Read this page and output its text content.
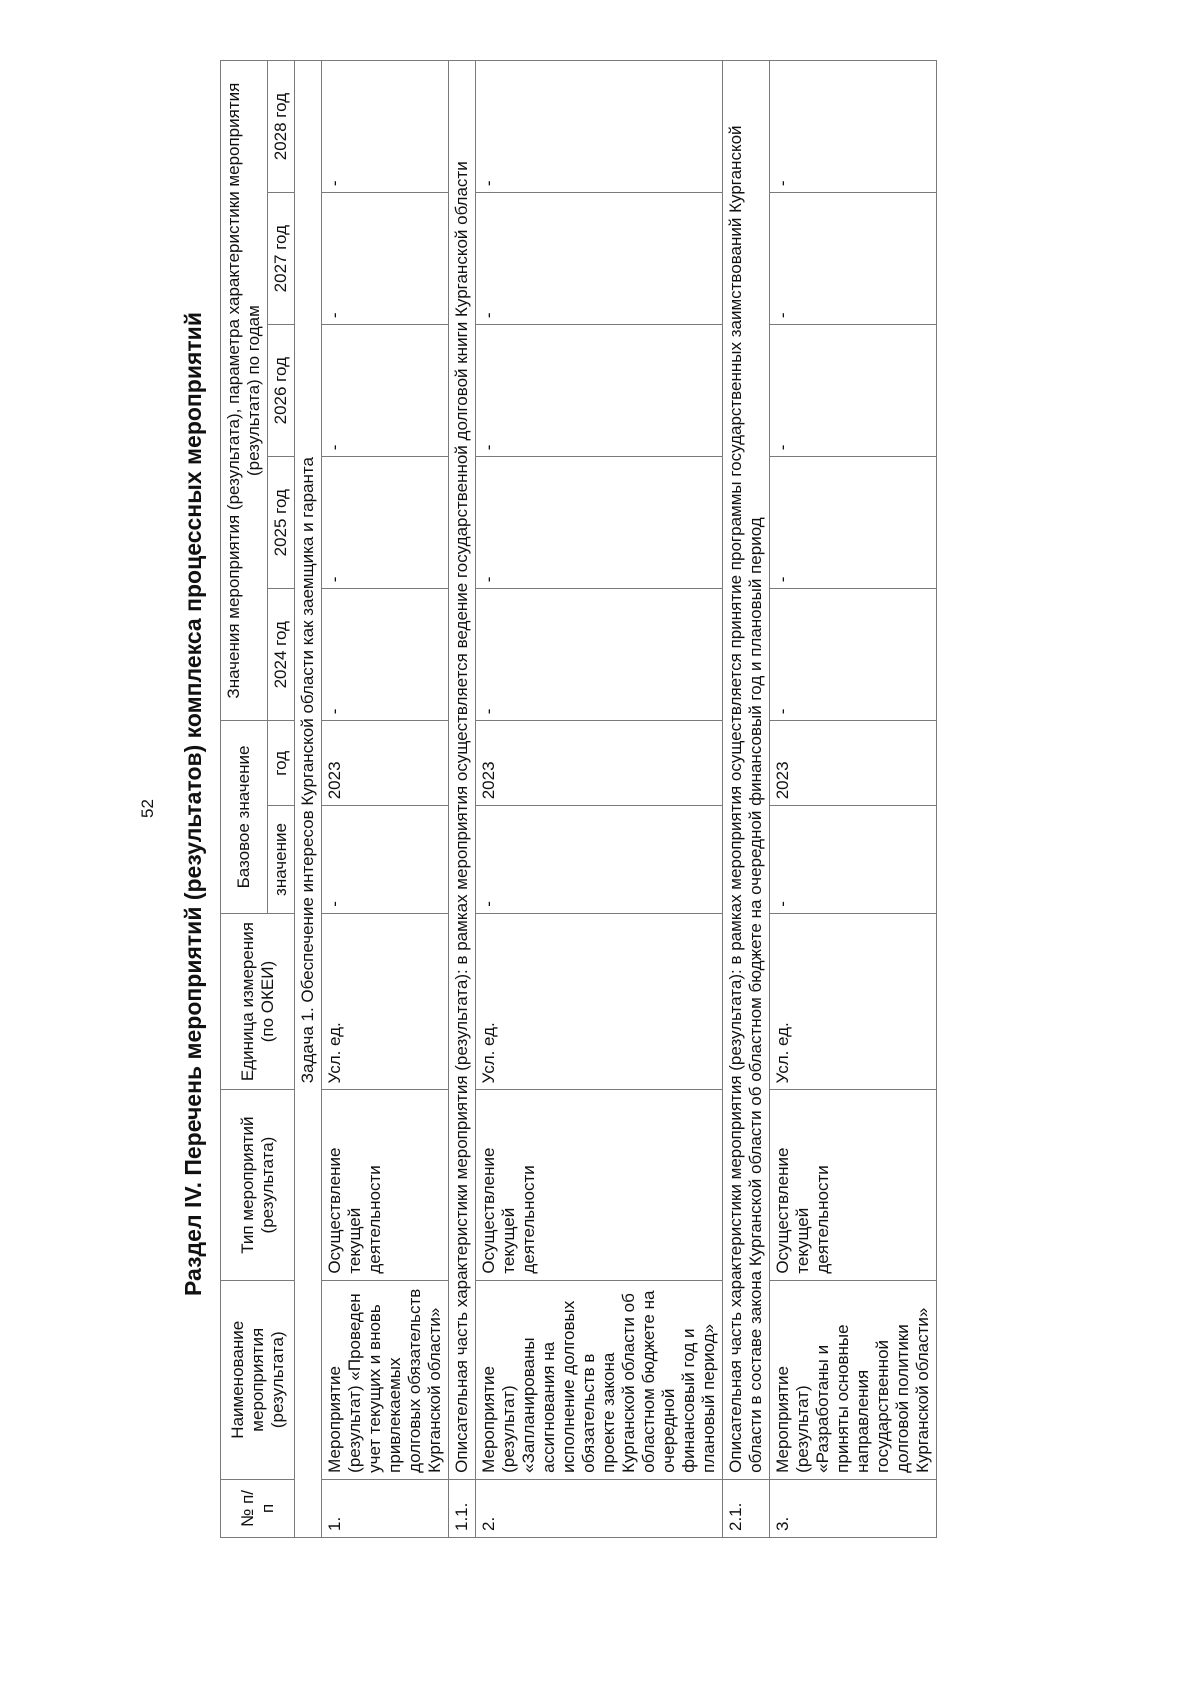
52 Раздел IV. Перечень мероприятий (результатов) комплекса процессных мероприятий
№ п/п	Наименование мероприятия (результата)	Тип мероприятий (результата)	Единица измерения (по ОКЕИ)	Базовое значение		Значения мероприятия (результата), параметра характеристики мероприятия (результата) по годам				
				значение	год	2024 год	2025 год	2026 год	2027 год	2028 год
	Задача 1. Обеспечение интересов Курганской области как заемщика и гаранта									
1.	Мероприятие (результат) «Проведен учет текущих и вновь привлекаемых долговых обязательств Курганской области»	Осуществление текущей деятельности	Усл. ед.	-	2023	-	-	-	-	-
1.1.	Описательная часть характеристики мероприятия (результата): в рамках мероприятия осуществляется ведение государственной долговой книги Курганской области									
2.	Мероприятие (результат) «Запланированы ассигнования на исполнение долговых обязательств в проекте закона Курганской области об областном бюджете на очередной финансовый год и плановый период»	Осуществление текущей деятельности	Усл. ед.	-	2023	-	-	-	-	-
2.1.	Описательная часть характеристики мероприятия (результата): в рамках мероприятия осуществляется принятие программы государственных заимствований Курганской области в составе закона Курганской области об областном бюджете на очередной финансовый год и плановый период									
3.	Мероприятие (результат) «Разработаны и приняты основные направления государственной долговой политики Курганской области»	Осуществление текущей деятельности	Усл. ед.	-	2023	-	-	-	-	-
